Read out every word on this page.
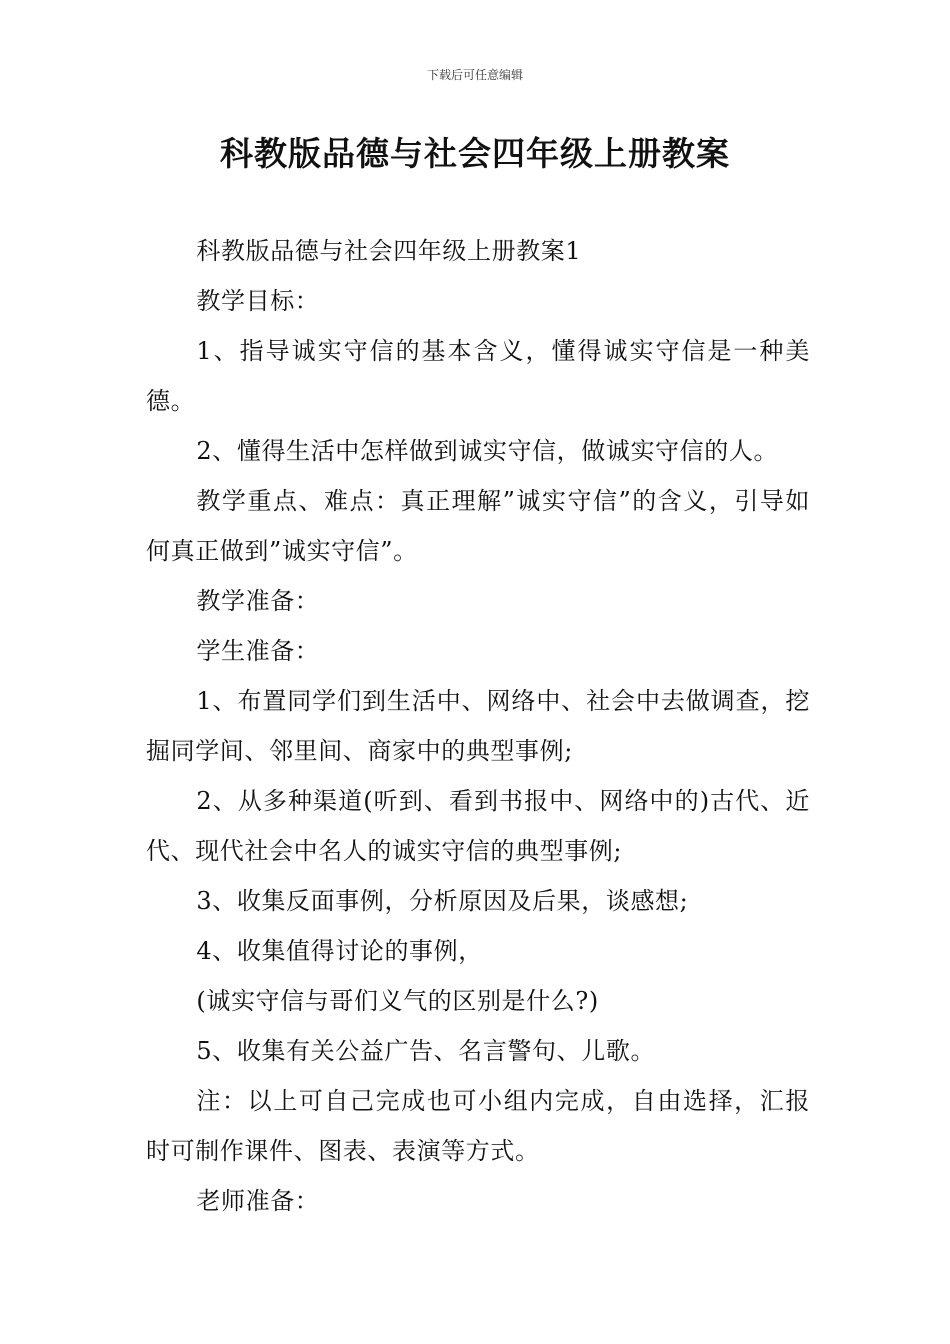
下载后可任意编辑
科教版品德与社会四年级上册教案

科教版品德与社会四年级上册教案1

教学目标：

1、指导诚实守信的基本含义，懂得诚实守信是一种美德。

2、懂得生活中怎样做到诚实守信，做诚实守信的人。

教学重点、难点：真正理解”诚实守信”的含义，引导如何真正做到”诚实守信”。

教学准备：

学生准备：

1、布置同学们到生活中、网络中、社会中去做调查，挖掘同学间、邻里间、商家中的典型事例;

2、从多种渠道(听到、看到书报中、网络中的)古代、近代、现代社会中名人的诚实守信的典型事例;

3、收集反面事例，分析原因及后果，谈感想;

4、收集值得讨论的事例，

(诚实守信与哥们义气的区别是什么?)

5、收集有关公益广告、名言警句、儿歌。

注：以上可自己完成也可小组内完成，自由选择，汇报时可制作课件、图表、表演等方式。

老师准备：
